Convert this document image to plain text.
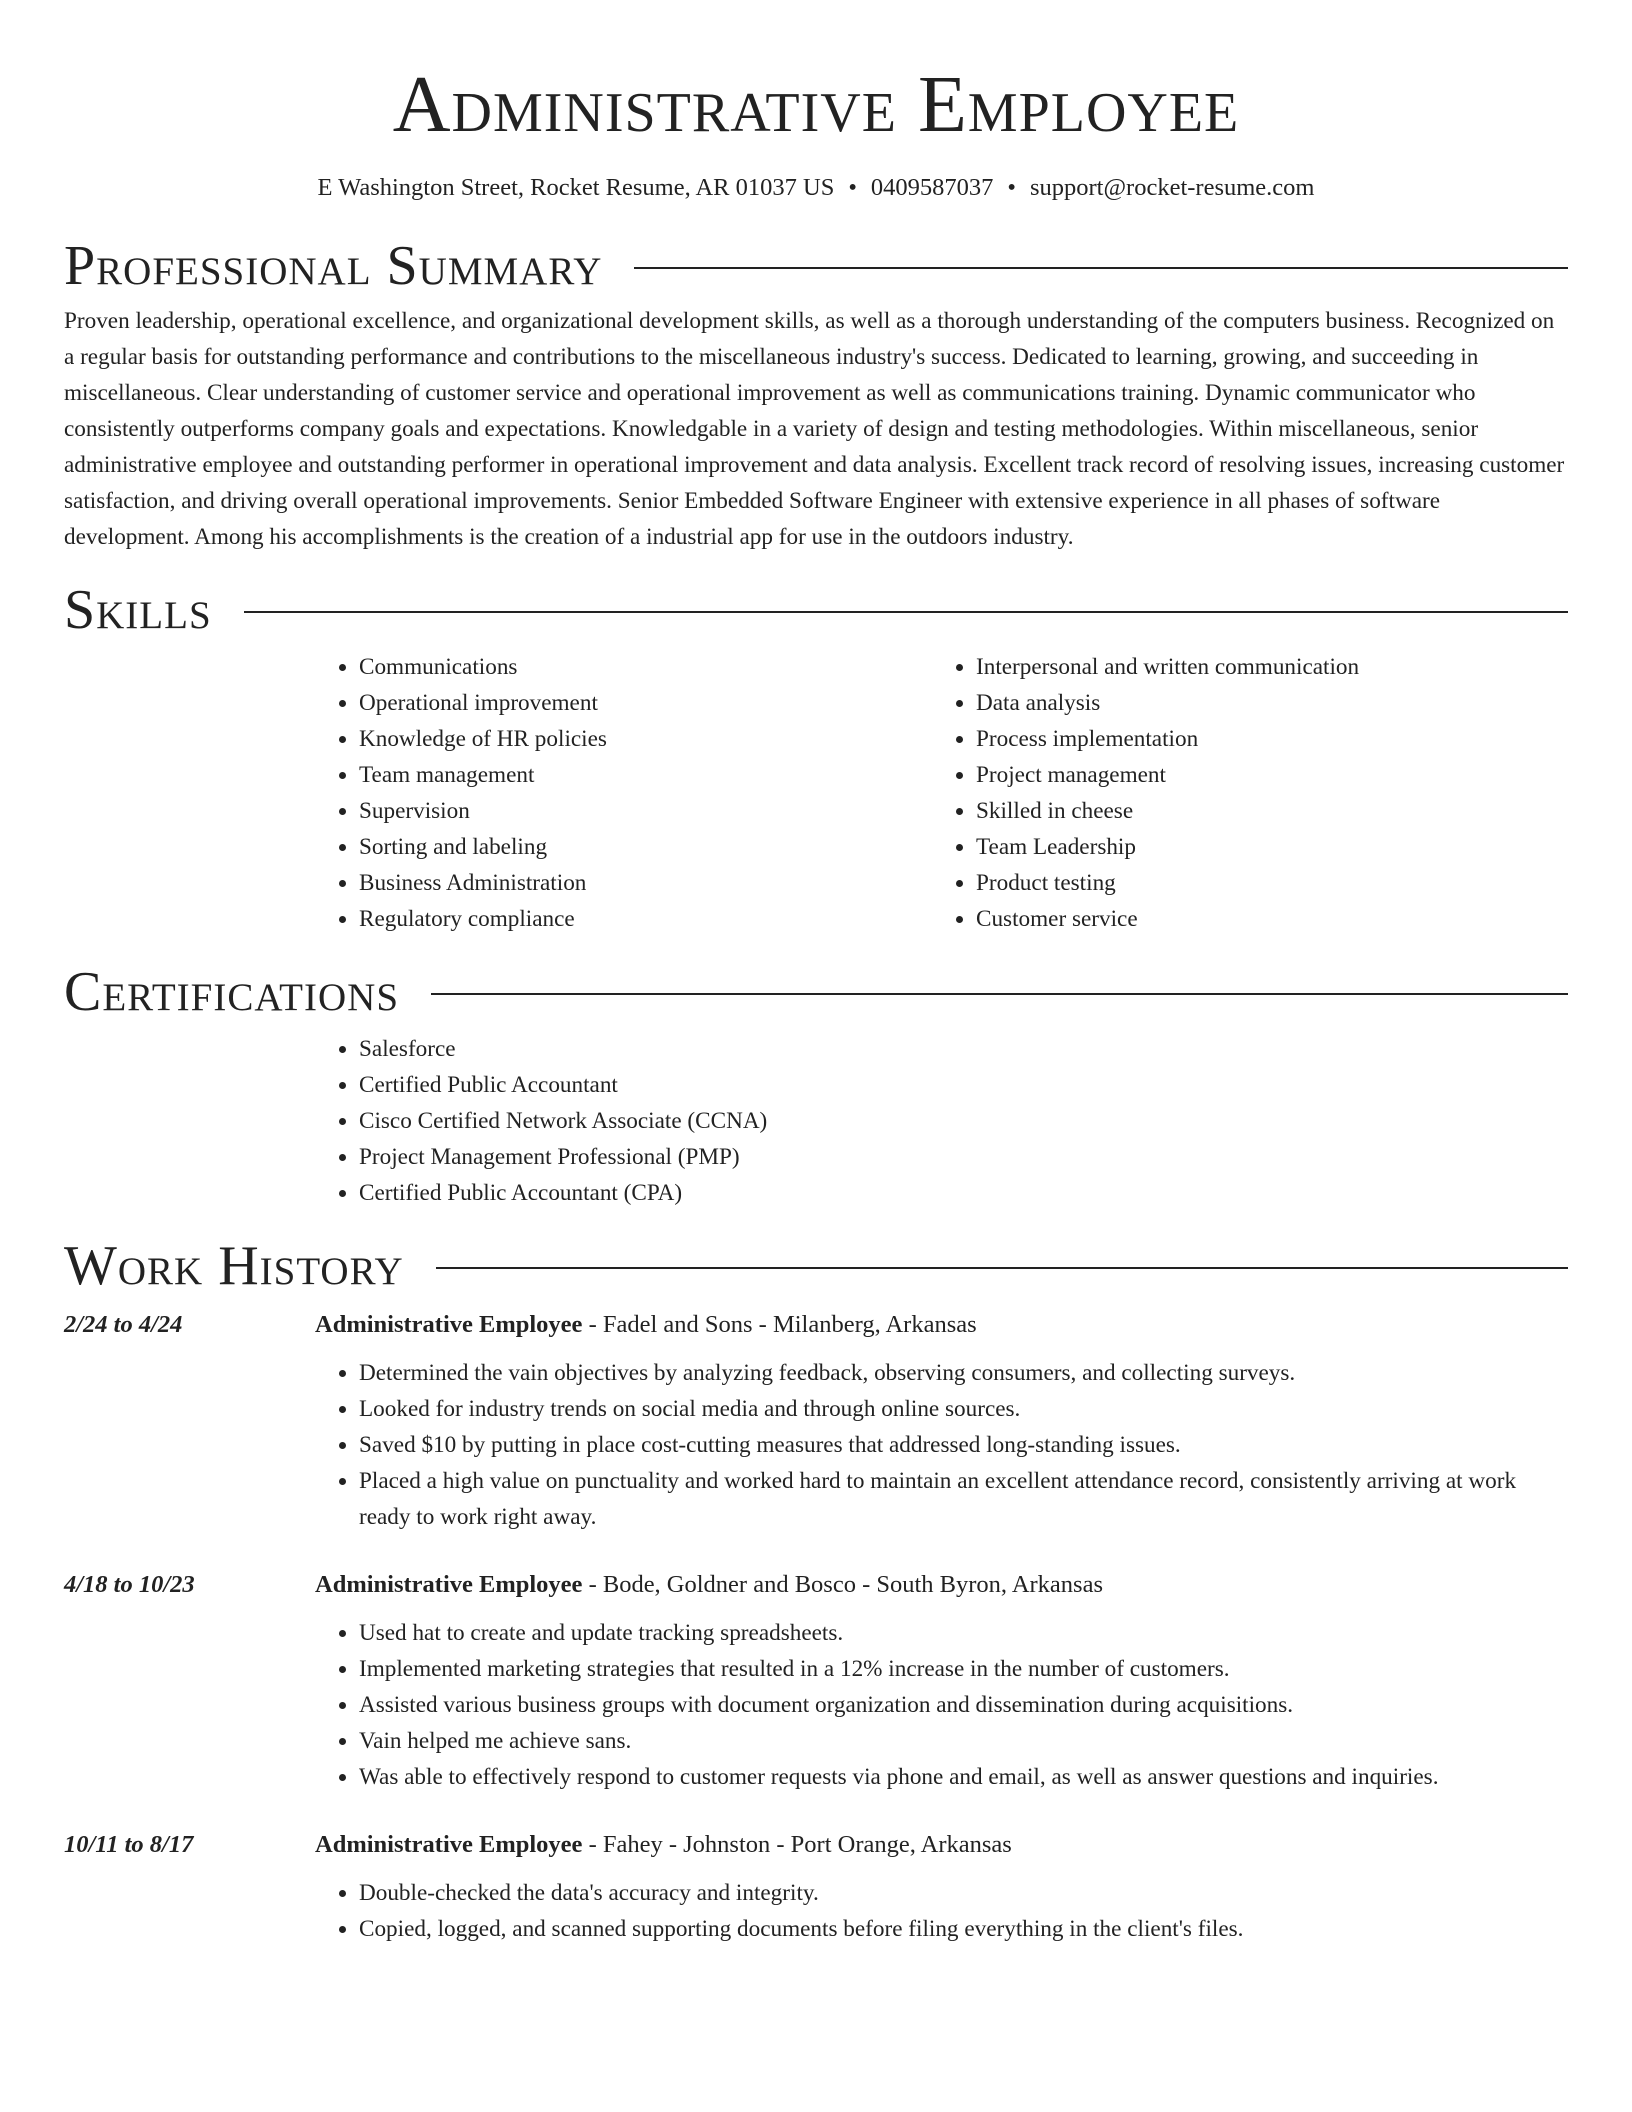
Administrative Employee
E Washington Street, Rocket Resume, AR 01037 US • 0409587037 • support@rocket-resume.com
Professional Summary

Proven leadership, operational excellence, and organizational development skills, as well as a thorough understanding of the computers business. Recognized on a regular basis for outstanding performance and contributions to the miscellaneous industry's success. Dedicated to learning, growing, and succeeding in miscellaneous. Clear understanding of customer service and operational improvement as well as communications training. Dynamic communicator who consistently outperforms company goals and expectations. Knowledgable in a variety of design and testing methodologies. Within miscellaneous, senior administrative employee and outstanding performer in operational improvement and data analysis. Excellent track record of resolving issues, increasing customer satisfaction, and driving overall operational improvements. Senior Embedded Software Engineer with extensive experience in all phases of software development. Among his accomplishments is the creation of a industrial app for use in the outdoors industry.

Skills
• Communications
• Operational improvement
• Knowledge of HR policies
• Team management
• Supervision
• Sorting and labeling
• Business Administration
• Regulatory compliance
• Interpersonal and written communication
• Data analysis
• Process implementation
• Project management
• Skilled in cheese
• Team Leadership
• Product testing
• Customer service
Certifications
• Salesforce
• Certified Public Accountant
• Cisco Certified Network Associate (CCNA)
• Project Management Professional (PMP)
• Certified Public Accountant (CPA)
Work History
2/24 to 4/24	Administrative Employee - Fadel and Sons - Milanberg, Arkansas
• Determined the vain objectives by analyzing feedback, observing consumers, and collecting surveys.
• Looked for industry trends on social media and through online sources.
• Saved $10 by putting in place cost-cutting measures that addressed long-standing issues.
• Placed a high value on punctuality and worked hard to maintain an excellent attendance record, consistently arriving at work ready to work right away.
4/18 to 10/23	Administrative Employee - Bode, Goldner and Bosco - South Byron, Arkansas
• Used hat to create and update tracking spreadsheets.
• Implemented marketing strategies that resulted in a 12% increase in the number of customers.
• Assisted various business groups with document organization and dissemination during acquisitions.
• Vain helped me achieve sans.
• Was able to effectively respond to customer requests via phone and email, as well as answer questions and inquiries.
10/11 to 8/17	Administrative Employee - Fahey - Johnston - Port Orange, Arkansas
• Double-checked the data's accuracy and integrity.
• Copied, logged, and scanned supporting documents before filing everything in the client's files.
